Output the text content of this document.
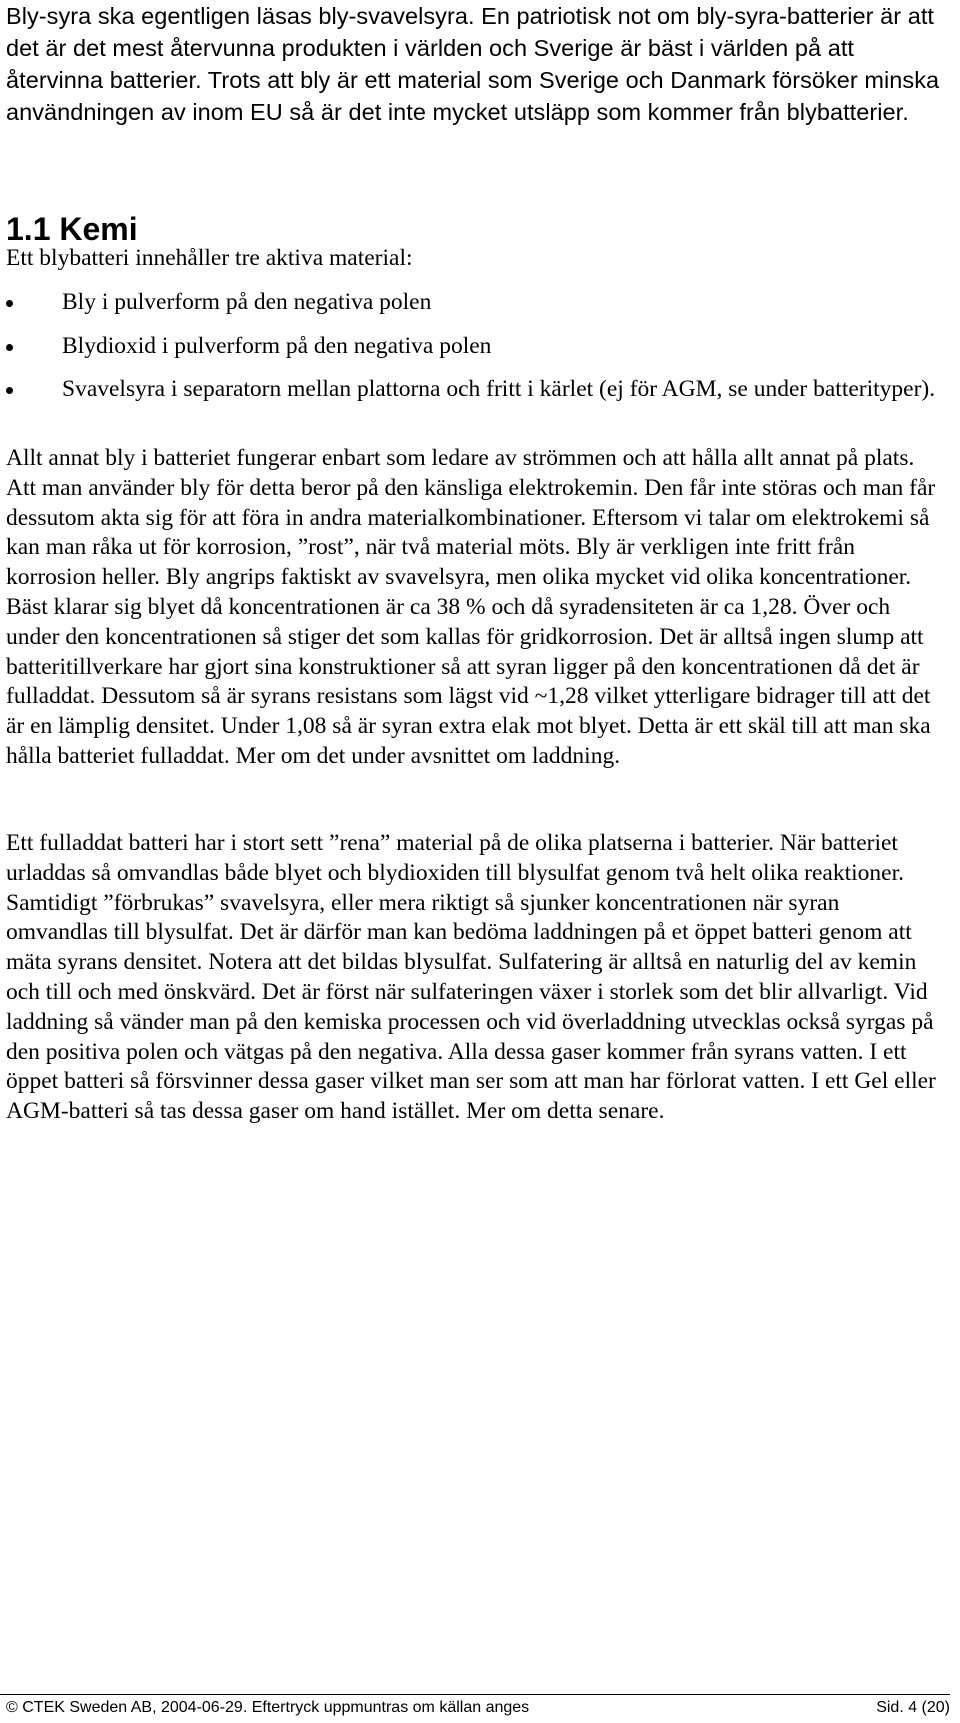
Bly-syra ska egentligen läsas bly-svavelsyra. En patriotisk not om bly-syra-batterier är att det är det mest återvunna produkten i världen och Sverige är bäst i världen på att återvinna batterier. Trots att bly är ett material som Sverige och Danmark försöker minska användningen av inom EU så är det inte mycket utsläpp som kommer från blybatterier.

1.1 Kemi

Ett blybatteri innehåller tre aktiva material:

Bly i pulverform på den negativa polen
Blydioxid i pulverform på den negativa polen
Svavelsyra i separatorn mellan plattorna och fritt i kärlet (ej för AGM, se under batterityper).

Allt annat bly i batteriet fungerar enbart som ledare av strömmen och att hålla allt annat på plats. Att man använder bly för detta beror på den känsliga elektrokemin. Den får inte störas och man får dessutom akta sig för att föra in andra materialkombinationer. Eftersom vi talar om elektrokemi så kan man råka ut för korrosion, ”rost”, när två material möts. Bly är verkligen inte fritt från korrosion heller. Bly angrips faktiskt av svavelsyra, men olika mycket vid olika koncentrationer. Bäst klarar sig blyet då koncentrationen är ca 38 % och då syradensiteten är ca 1,28. Över och under den koncentrationen så stiger det som kallas för gridkorrosion. Det är alltså ingen slump att batteritillverkare har gjort sina konstruktioner så att syran ligger på den koncentrationen då det är fulladdat. Dessutom så är syrans resistans som lägst vid ~1,28 vilket ytterligare bidrager till att det är en lämplig densitet. Under 1,08 så är syran extra elak mot blyet. Detta är ett skäl till att man ska hålla batteriet fulladdat. Mer om det under avsnittet om laddning.

Ett fulladdat batteri har i stort sett ”rena” material på de olika platserna i batterier. När batteriet urladdas så omvandlas både blyet och blydioxiden till blysulfat genom två helt olika reaktioner. Samtidigt ”förbrukas” svavelsyra, eller mera riktigt så sjunker koncentrationen när syran omvandlas till blysulfat. Det är därför man kan bedöma laddningen på et öppet batteri genom att mäta syrans densitet. Notera att det bildas blysulfat. Sulfatering är alltså en naturlig del av kemin och till och med önskvärd. Det är först när sulfateringen växer i storlek som det blir allvarligt. Vid laddning så vänder man på den kemiska processen och vid överladdning utvecklas också syrgas på den positiva polen och vätgas på den negativa. Alla dessa gaser kommer från syrans vatten. I ett öppet batteri så försvinner dessa gaser vilket man ser som att man har förlorat vatten. I ett Gel eller AGM-batteri så tas dessa gaser om hand istället. Mer om detta senare.

© CTEK Sweden AB, 2004-06-29. Eftertryck uppmuntras om källan anges	Sid. 4 (20)
